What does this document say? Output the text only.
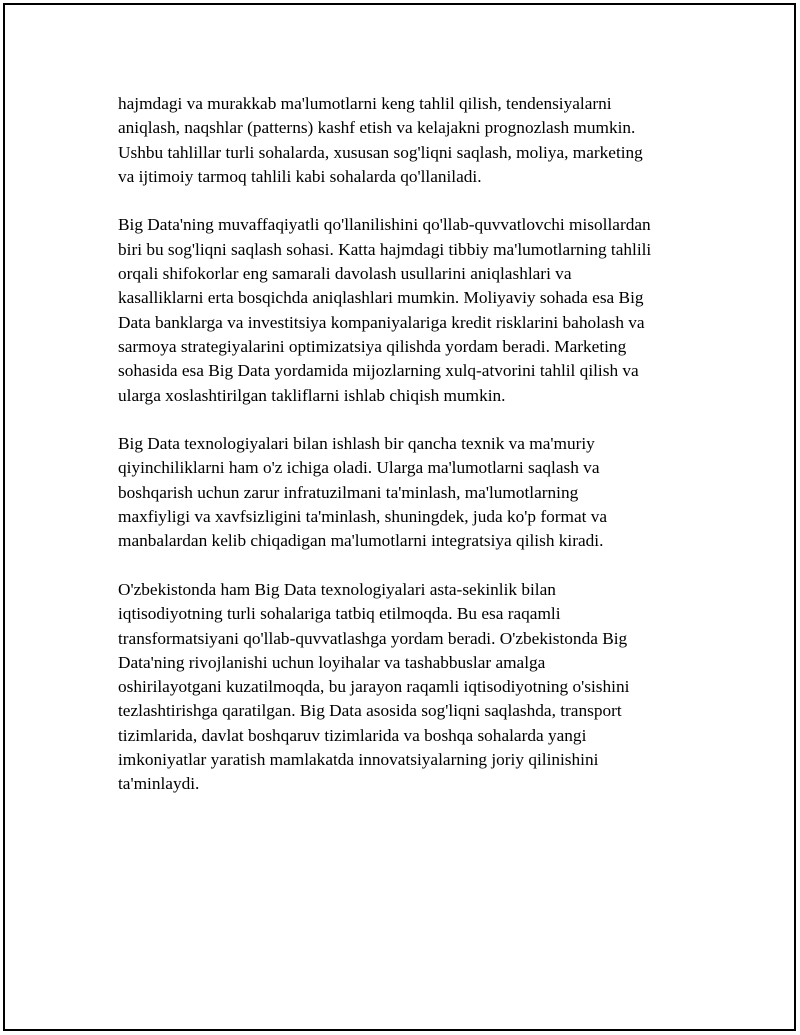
hajmdagi va murakkab ma'lumotlarni keng tahlil qilish, tendensiyalarni
aniqlash, naqshlar (patterns) kashf etish va kelajakni prognozlash mumkin.
Ushbu tahlillar turli sohalarda, xususan sog'liqni saqlash, moliya, marketing
va ijtimoiy tarmoq tahlili kabi sohalarda qo'llaniladi.

Big Data'ning muvaffaqiyatli qo'llanilishini qo'llab-quvvatlovchi misollardan
biri bu sog'liqni saqlash sohasi. Katta hajmdagi tibbiy ma'lumotlarning tahlili
orqali shifokorlar eng samarali davolash usullarini aniqlashlari va
kasalliklarni erta bosqichda aniqlashlari mumkin. Moliyaviy sohada esa Big
Data banklarga va investitsiya kompaniyalariga kredit risklarini baholash va
sarmoya strategiyalarini optimizatsiya qilishda yordam beradi. Marketing
sohasida esa Big Data yordamida mijozlarning xulq-atvorini tahlil qilish va
ularga xoslashtirilgan takliflarni ishlab chiqish mumkin.

Big Data texnologiyalari bilan ishlash bir qancha texnik va ma'muriy
qiyinchiliklarni ham o'z ichiga oladi. Ularga ma'lumotlarni saqlash va
boshqarish uchun zarur infratuzilmani ta'minlash, ma'lumotlarning
maxfiyligi va xavfsizligini ta'minlash, shuningdek, juda ko'p format va
manbalardan kelib chiqadigan ma'lumotlarni integratsiya qilish kiradi.

O'zbekistonda ham Big Data texnologiyalari asta-sekinlik bilan
iqtisodiyotning turli sohalariga tatbiq etilmoqda. Bu esa raqamli
transformatsiyani qo'llab-quvvatlashga yordam beradi. O'zbekistonda Big
Data'ning rivojlanishi uchun loyihalar va tashabbuslar amalga
oshirilayotgani kuzatilmoqda, bu jarayon raqamli iqtisodiyotning o'sishini
tezlashtirishga qaratilgan. Big Data asosida sog'liqni saqlashda, transport
tizimlarida, davlat boshqaruv tizimlarida va boshqa sohalarda yangi
imkoniyatlar yaratish mamlakatda innovatsiyalarning joriy qilinishini
ta'minlaydi.
